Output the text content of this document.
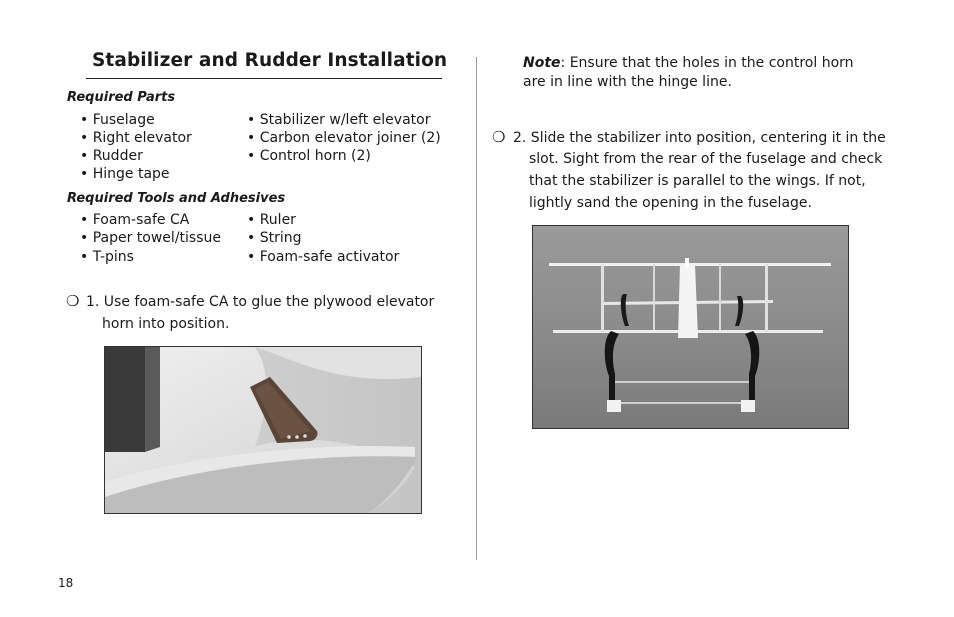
Stabilizer and Rudder Installation
Required Parts
• Fuselage
• Right elevator
• Rudder
• Hinge tape
• Stabilizer w/left elevator
• Carbon elevator joiner (2)
• Control horn (2)
Required Tools and Adhesives
• Foam-safe CA
• Paper towel/tissue
• T-pins
• Ruler
• String
• Foam-safe activator
❍ 1. Use foam-safe CA to glue the plywood elevator
horn into position.
Note: Ensure that the holes in the control horn
are in line with the hinge line.
❍ 2. Slide the stabilizer into position, centering it in the
slot. Sight from the rear of the fuselage and check
that the stabilizer is parallel to the wings. If not,
lightly sand the opening in the fuselage.
18
